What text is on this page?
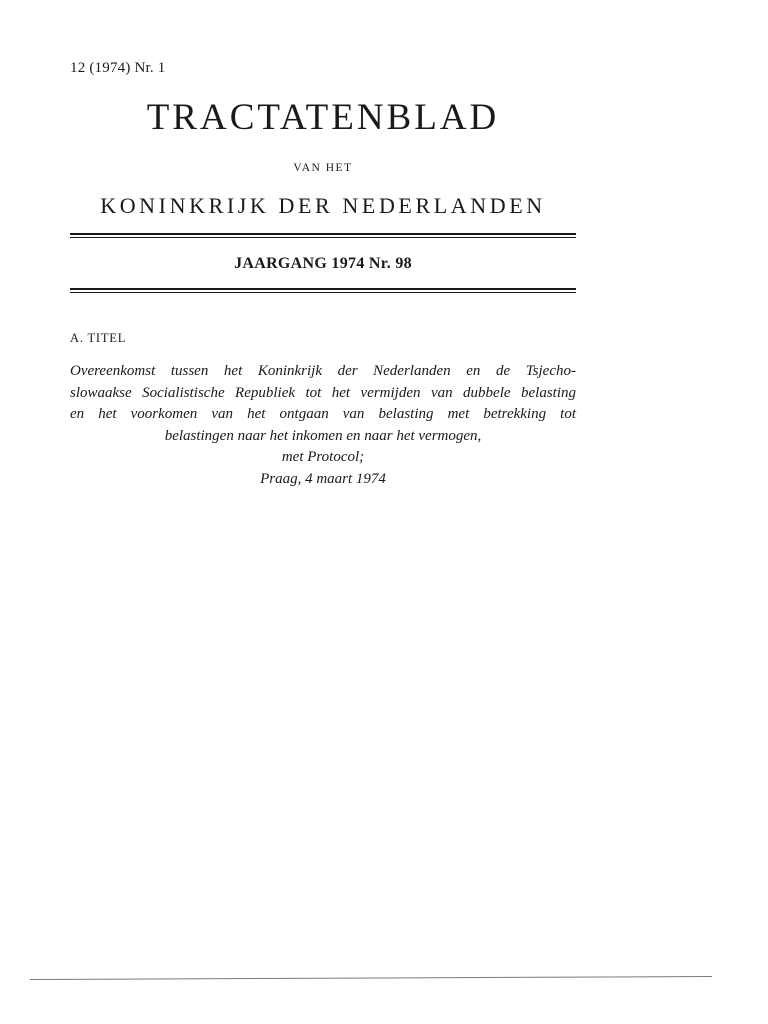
12 (1974) Nr. 1
TRACTATENBLAD
VAN HET
KONINKRIJK DER NEDERLANDEN
JAARGANG 1974 Nr. 98
A. TITEL
Overeenkomst tussen het Koninkrijk der Nederlanden en de Tsjecho-
slowaakse Socialistische Republiek tot het vermijden van dubbele belasting
en het voorkomen van het ontgaan van belasting met betrekking tot
belastingen naar het inkomen en naar het vermogen,
met Protocol;
Praag, 4 maart 1974
